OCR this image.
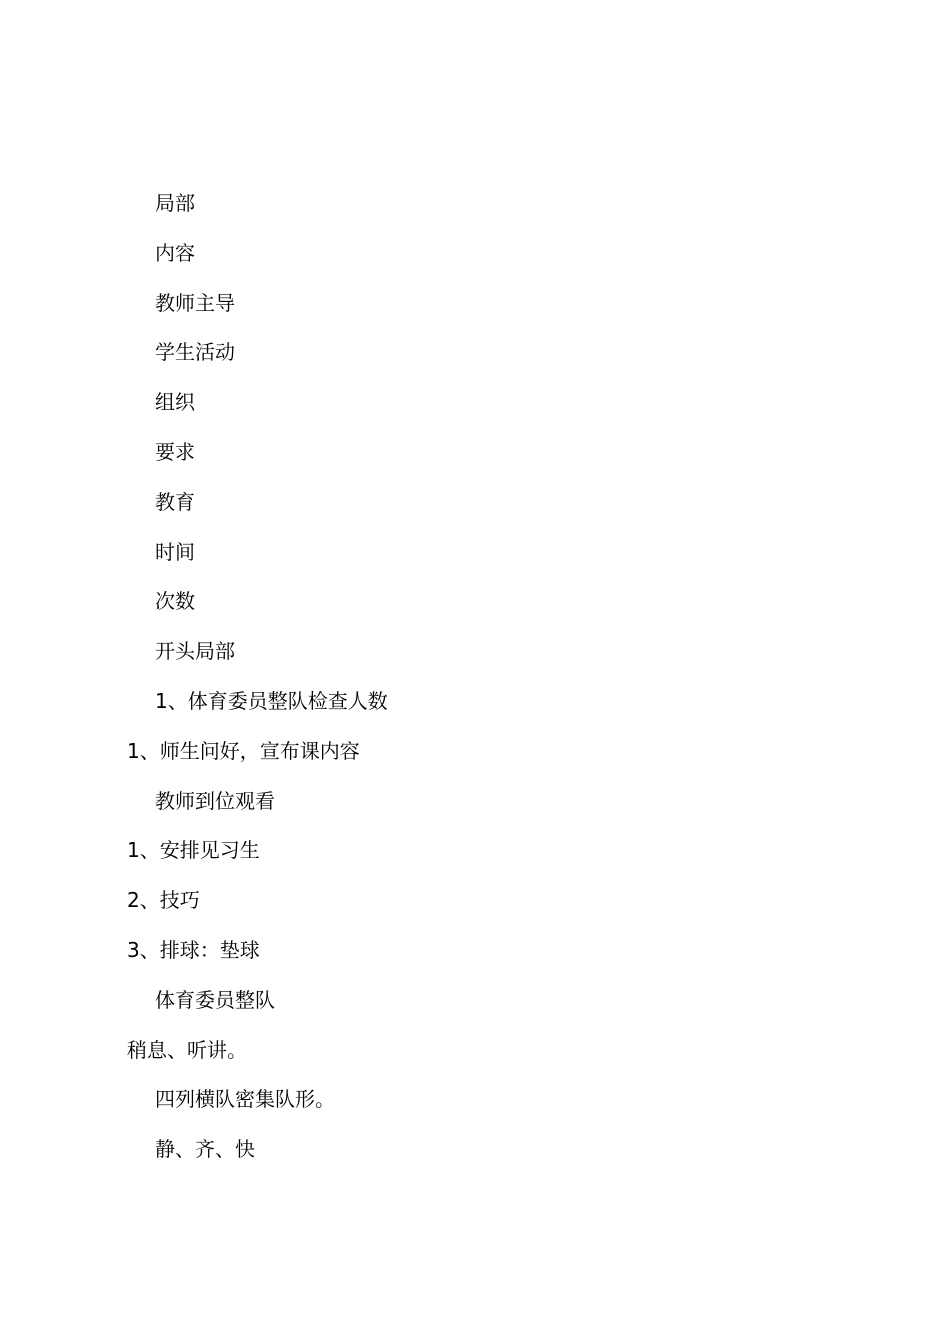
局部
内容
教师主导
学生活动
组织
要求
教育
时间
次数
开头局部
1、体育委员整队检查人数
1、师生问好，宣布课内容
教师到位观看
1、安排见习生
2、技巧
3、排球：垫球
体育委员整队
稍息、听讲。
四列横队密集队形。
静、齐、快
